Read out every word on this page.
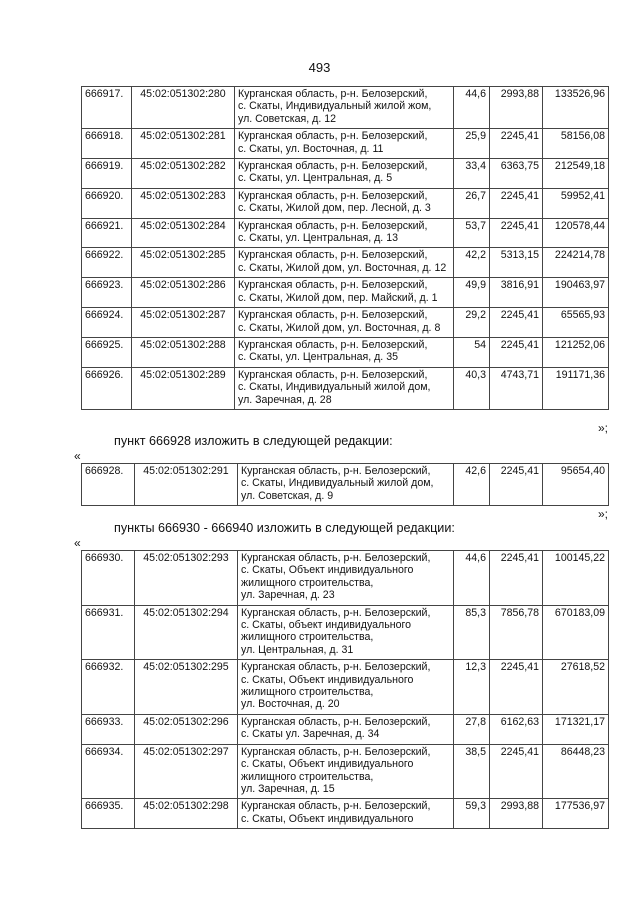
493
666917.	45:02:051302:280	Курганская область, р-н. Белозерский,
с. Скаты, Индивидуальный жилой жом,
ул. Советская, д. 12	44,6	2993,88	133526,96
666918.	45:02:051302:281	Курганская область, р-н. Белозерский,
с. Скаты, ул. Восточная, д. 11	25,9	2245,41	58156,08
666919.	45:02:051302:282	Курганская область, р-н. Белозерский,
с. Скаты, ул. Центральная, д. 5	33,4	6363,75	212549,18
666920.	45:02:051302:283	Курганская область, р-н. Белозерский,
с. Скаты, Жилой дом, пер. Лесной, д. 3	26,7	2245,41	59952,41
666921.	45:02:051302:284	Курганская область, р-н. Белозерский,
с. Скаты, ул. Центральная, д. 13	53,7	2245,41	120578,44
666922.	45:02:051302:285	Курганская область, р-н. Белозерский,
с. Скаты, Жилой дом, ул. Восточная, д. 12	42,2	5313,15	224214,78
666923.	45:02:051302:286	Курганская область, р-н. Белозерский,
с. Скаты, Жилой дом, пер. Майский, д. 1	49,9	3816,91	190463,97
666924.	45:02:051302:287	Курганская область, р-н. Белозерский,
с. Скаты, Жилой дом, ул. Восточная, д. 8	29,2	2245,41	65565,93
666925.	45:02:051302:288	Курганская область, р-н. Белозерский,
с. Скаты, ул. Центральная, д. 35	54	2245,41	121252,06
666926.	45:02:051302:289	Курганская область, р-н. Белозерский,
с. Скаты, Индивидуальный жилой дом,
ул. Заречная, д. 28	40,3	4743,71	191171,36
»;
пункт 666928 изложить в следующей редакции:
«
666928.	45:02:051302:291	Курганская область, р-н. Белозерский,
с. Скаты, Индивидуальный жилой дом,
ул. Советская, д. 9
	42,6	2245,41	95654,40
»;
пункты 666930 - 666940 изложить в следующей редакции:
«
666930.	45:02:051302:293	Курганская область, р-н. Белозерский,
с. Скаты, Объект индивидуального
жилищного строительства,
ул. Заречная, д. 23	44,6	2245,41	100145,22
666931.	45:02:051302:294	Курганская область, р-н. Белозерский,
с. Скаты, объект индивидуального
жилищного строительства,
ул. Центральная, д. 31	85,3	7856,78	670183,09
666932.	45:02:051302:295	Курганская область, р-н. Белозерский,
с. Скаты, Объект индивидуального
жилищного строительства,
ул. Восточная, д. 20	12,3	2245,41	27618,52
666933.	45:02:051302:296	Курганская область, р-н. Белозерский,
с. Скаты ул. Заречная, д. 34	27,8	6162,63	171321,17
666934.	45:02:051302:297	Курганская область, р-н. Белозерский,
с. Скаты, Объект индивидуального
жилищного строительства,
ул. Заречная, д. 15	38,5	2245,41	86448,23
666935.	45:02:051302:298	Курганская область, р-н. Белозерский,
с. Скаты, Объект индивидуального	59,3	2993,88	177536,97
